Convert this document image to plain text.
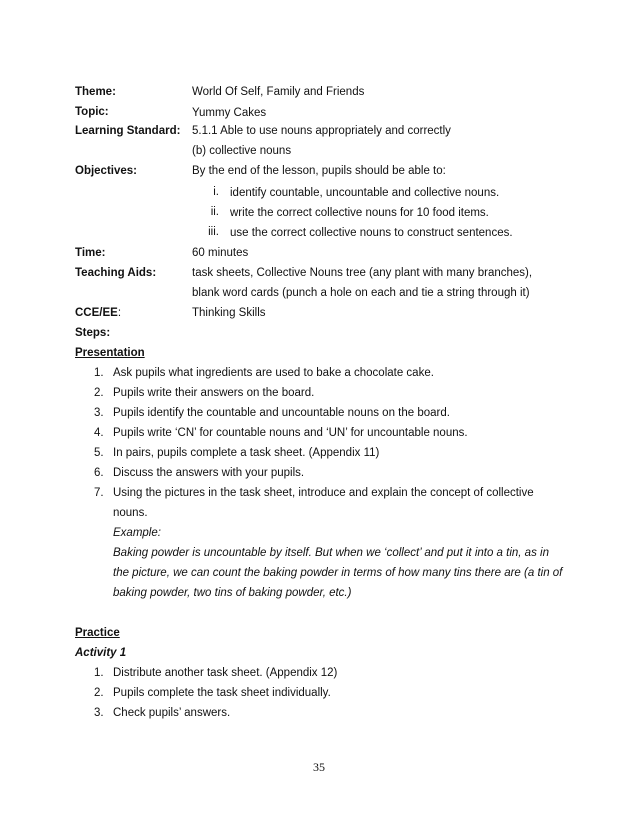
Theme:	World Of Self, Family and Friends
Topic:	Yummy Cakes
Learning Standard: 5.1.1 Able to use nouns appropriately and correctly
(b) collective nouns
Objectives:	By the end of the lesson, pupils should be able to:
i. identify countable, uncountable and collective nouns.
ii. write the correct collective nouns for 10 food items.
iii. use the correct collective nouns to construct sentences.
Time:	60 minutes
Teaching Aids:	task sheets, Collective Nouns tree (any plant with many branches),
blank word cards (punch a hole on each and tie a string through it)
CCE/EE:	Thinking Skills
Steps:
Presentation
1. Ask pupils what ingredients are used to bake a chocolate cake.
2. Pupils write their answers on the board.
3. Pupils identify the countable and uncountable nouns on the board.
4. Pupils write ‘CN’ for countable nouns and ‘UN’ for uncountable nouns.
5. In pairs, pupils complete a task sheet. (Appendix 11)
6. Discuss the answers with your pupils.
7. Using the pictures in the task sheet, introduce and explain the concept of collective
nouns.
Example:
Baking powder is uncountable by itself. But when we ‘collect’ and put it into a tin, as in
the picture, we can count the baking powder in terms of how many tins there are (a tin of
baking powder, two tins of baking powder, etc.)
Practice
Activity 1
1. Distribute another task sheet. (Appendix 12)
2. Pupils complete the task sheet individually.
3. Check pupils’ answers.
35
